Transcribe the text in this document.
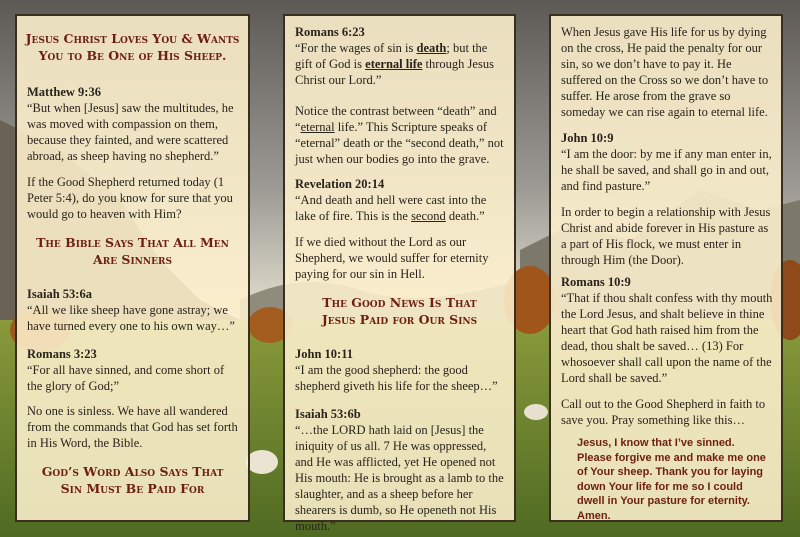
Jesus Christ Loves You & Wants You to Be One of His Sheep.

Matthew 9:36

“But when [Jesus] saw the multitudes, he was moved with compassion on them, because they fainted, and were scattered abroad, as sheep having no shepherd.”

If the Good Shepherd returned today (1 Peter 5:4), do you know for sure that you would go to heaven with Him?

The Bible Says That All Men Are Sinners

Isaiah 53:6a

“All we like sheep have gone astray; we have turned every one to his own way…”

Romans 3:23

“For all have sinned, and come short of the glory of God;”

No one is sinless. We have all wandered from the commands that God has set forth in His Word, the Bible.

God’s Word Also Says That Sin Must Be Paid For

Romans 6:23

“For the wages of sin is death; but the gift of God is eternal life through Jesus Christ our Lord.”

Notice the contrast between “death” and “eternal life.” This Scripture speaks of “eternal” death or the “second death,” not just when our bodies go into the grave.

Revelation 20:14

“And death and hell were cast into the lake of fire. This is the second death.”

If we died without the Lord as our Shepherd, we would suffer for eternity paying for our sin in Hell.

The Good News Is That Jesus Paid for Our Sins

John 10:11

“I am the good shepherd: the good shepherd giveth his life for the sheep…”

Isaiah 53:6b

“…the LORD hath laid on [Jesus] the iniquity of us all. 7 He was oppressed, and He was afflicted, yet He opened not His mouth: He is brought as a lamb to the slaughter, and as a sheep before her shearers is dumb, so He openeth not His mouth.”

When Jesus gave His life for us by dying on the cross, He paid the penalty for our sin, so we don’t have to pay it. He suffered on the Cross so we don’t have to suffer. He arose from the grave so someday we can rise again to eternal life.

John 10:9

“I am the door: by me if any man enter in, he shall be saved, and shall go in and out, and find pasture.”

In order to begin a relationship with Jesus Christ and abide forever in His pasture as a part of His flock, we must enter in through Him (the Door).

Romans 10:9

“That if thou shalt confess with thy mouth the Lord Jesus, and shalt believe in thine heart that God hath raised him from the dead, thou shalt be saved… (13) For whosoever shall call upon the name of the Lord shall be saved.”

Call out to the Good Shepherd in faith to save you. Pray something like this…

Jesus, I know that I’ve sinned. Please forgive me and make me one of Your sheep. Thank you for laying down Your life for me so I could dwell in Your pasture for eternity. Amen.
